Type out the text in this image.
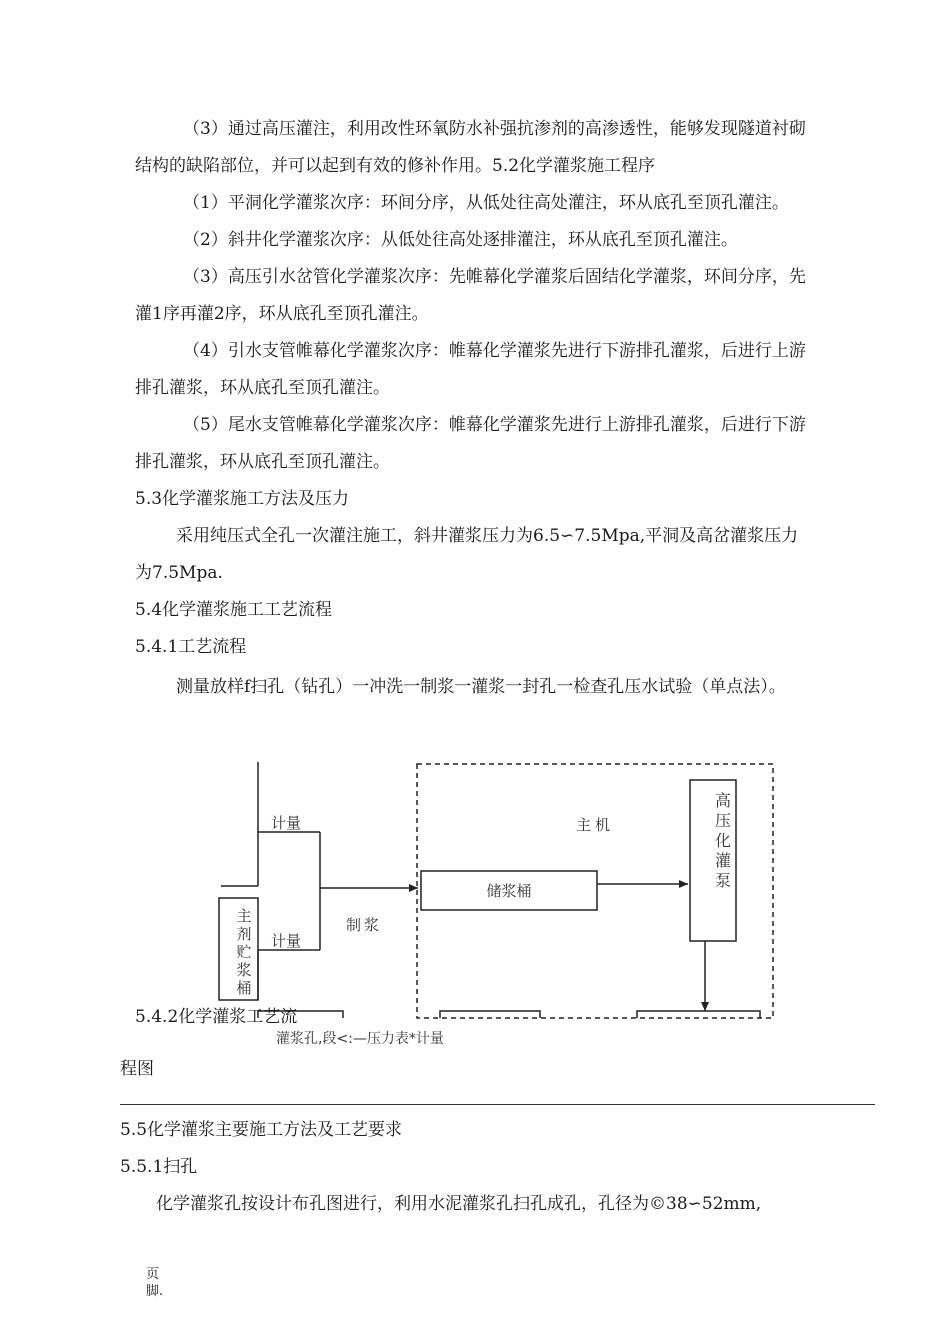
（3）通过高压灌注，利用改性环氧防水补强抗渗剂的高渗透性，能够发现隧道衬砌
结构的缺陷部位，并可以起到有效的修补作用。5.2化学灌浆施工程序
（1）平洞化学灌浆次序：环间分序，从低处往高处灌注，环从底孔至顶孔灌注。
（2）斜井化学灌浆次序：从低处往高处逐排灌注，环从底孔至顶孔灌注。
（3）高压引水岔管化学灌浆次序：先帷幕化学灌浆后固结化学灌浆，环间分序，先
灌1序再灌2序，环从底孔至顶孔灌注。
（4）引水支管帷幕化学灌浆次序：帷幕化学灌浆先进行下游排孔灌浆，后进行上游
排孔灌浆，环从底孔至顶孔灌注。
（5）尾水支管帷幕化学灌浆次序：帷幕化学灌浆先进行上游排孔灌浆，后进行下游
排孔灌浆，环从底孔至顶孔灌注。
5.3化学灌浆施工方法及压力
采用纯压式全孔一次灌注施工，斜井灌浆压力为6.5∽7.5Mpa,平洞及高岔灌浆压力
为7.5Mpa.
5.4化学灌浆施工工艺流程
5.4.1工艺流程
测量放样f扫孔（钻孔）一冲洗一制浆一灌浆一封孔一检查孔压水试验（单点法）。
计量
计量
主
剂
贮
浆
桶
制浆
主机
储浆桶
高
压
化
灌
泵
灌浆孔,段<:—压力表*计量
5.4.2化学灌浆工艺流
程图
5.5化学灌浆主要施工方法及工艺要求
5.5.1扫孔
化学灌浆孔按设计布孔图进行，利用水泥灌浆孔扫孔成孔，孔径为©38∽52mm,
页
脚.
